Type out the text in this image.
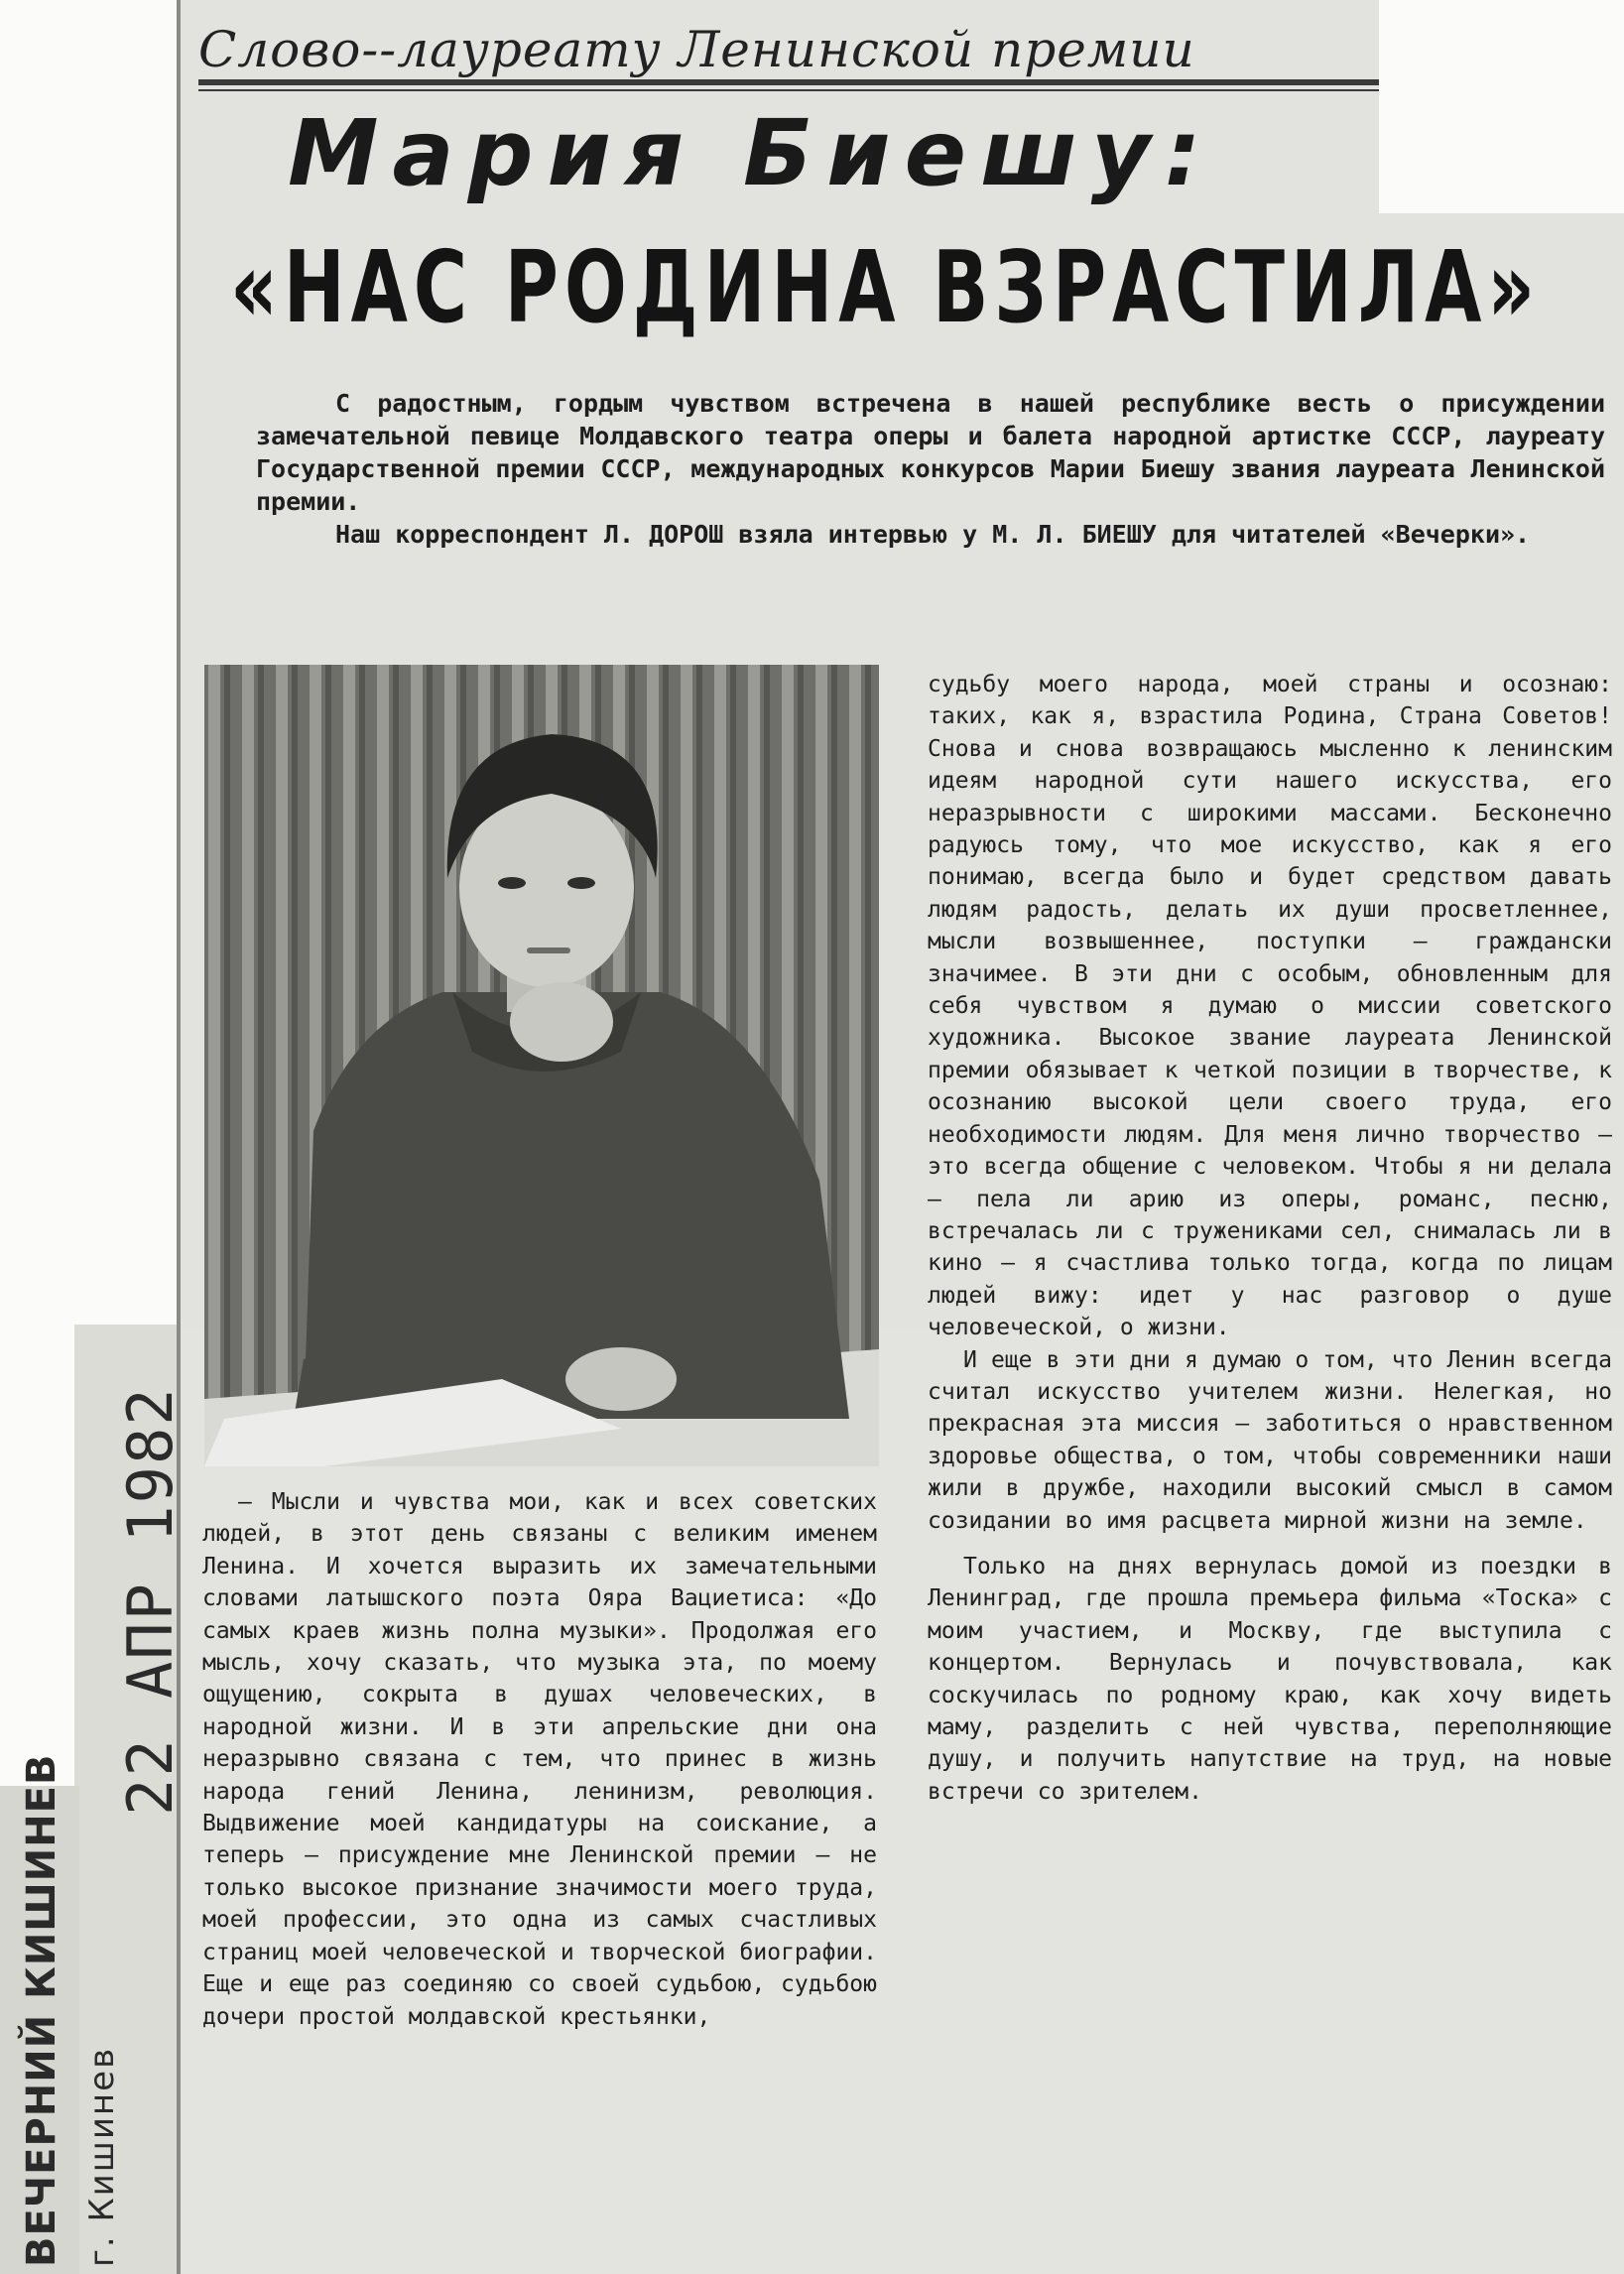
Слово--лауреату Ленинской премии
Мария Биешу:
«НАС РОДИНА ВЗРАСТИЛА»

С радостным, гордым чувством встречена в нашей республике весть о присуждении замечательной певице Молдавского театра оперы и балета народной артистке СССР, лауреату Государственной премии СССР, международных конкурсов Марии Биешу звания лауреата Ленинской премии.

Наш корреспондент Л. ДОРОШ взяла интервью у М. Л. БИЕШУ для читателей «Вечерки».

— Мысли и чувства мои, как и всех советских людей, в этот день связаны с великим именем Ленина. И хочется выразить их замечательными словами латышского поэта Ояра Вациетиса: «До самых краев жизнь полна музыки». Продолжая его мысль, хочу сказать, что музыка эта, по моему ощущению, сокрыта в душах человеческих, в народной жизни. И в эти апрельские дни она неразрывно связана с тем, что принес в жизнь народа гений Ленина, ленинизм, революция. Выдвижение моей кандидатуры на соискание, а теперь — присуждение мне Ленинской премии — не только высокое признание значимости моего труда, моей профессии, это одна из самых счастливых страниц моей человеческой и творческой биографии. Еще и еще раз соединяю со своей судьбою, судьбою дочери простой молдавской крестьянки,

судьбу моего народа, моей страны и осознаю: таких, как я, взрастила Родина, Страна Советов! Снова и снова возвращаюсь мысленно к ленинским идеям народной сути нашего искусства, его неразрывности с широкими массами. Бесконечно радуюсь тому, что мое искусство, как я его понимаю, всегда было и будет средством давать людям радость, делать их души просветленнее, мысли возвышеннее, поступки — граждански значимее. В эти дни с особым, обновленным для себя чувством я думаю о миссии советского художника. Высокое звание лауреата Ленинской премии обязывает к четкой позиции в творчестве, к осознанию высокой цели своего труда, его необходимости людям. Для меня лично творчество — это всегда общение с человеком. Чтобы я ни делала — пела ли арию из оперы, романс, песню, встречалась ли с тружениками сел, снималась ли в кино — я счастлива только тогда, когда по лицам людей вижу: идет у нас разговор о душе человеческой, о жизни.

И еще в эти дни я думаю о том, что Ленин всегда считал искусство учителем жизни. Нелегкая, но прекрасная эта миссия — заботиться о нравственном здоровье общества, о том, чтобы современники наши жили в дружбе, находили высокий смысл в самом созидании во имя расцвета мирной жизни на земле.

Только на днях вернулась домой из поездки в Ленинград, где прошла премьера фильма «Тоска» с моим участием, и Москву, где выступила с концертом. Вернулась и почувствовала, как соскучилась по родному краю, как хочу видеть маму, разделить с ней чувства, переполняющие душу, и получить напутствие на труд, на новые встречи со зрителем.

22 АПР 1982
ВЕЧЕРНИЙ КИШИНЕВ г. Кишинев
